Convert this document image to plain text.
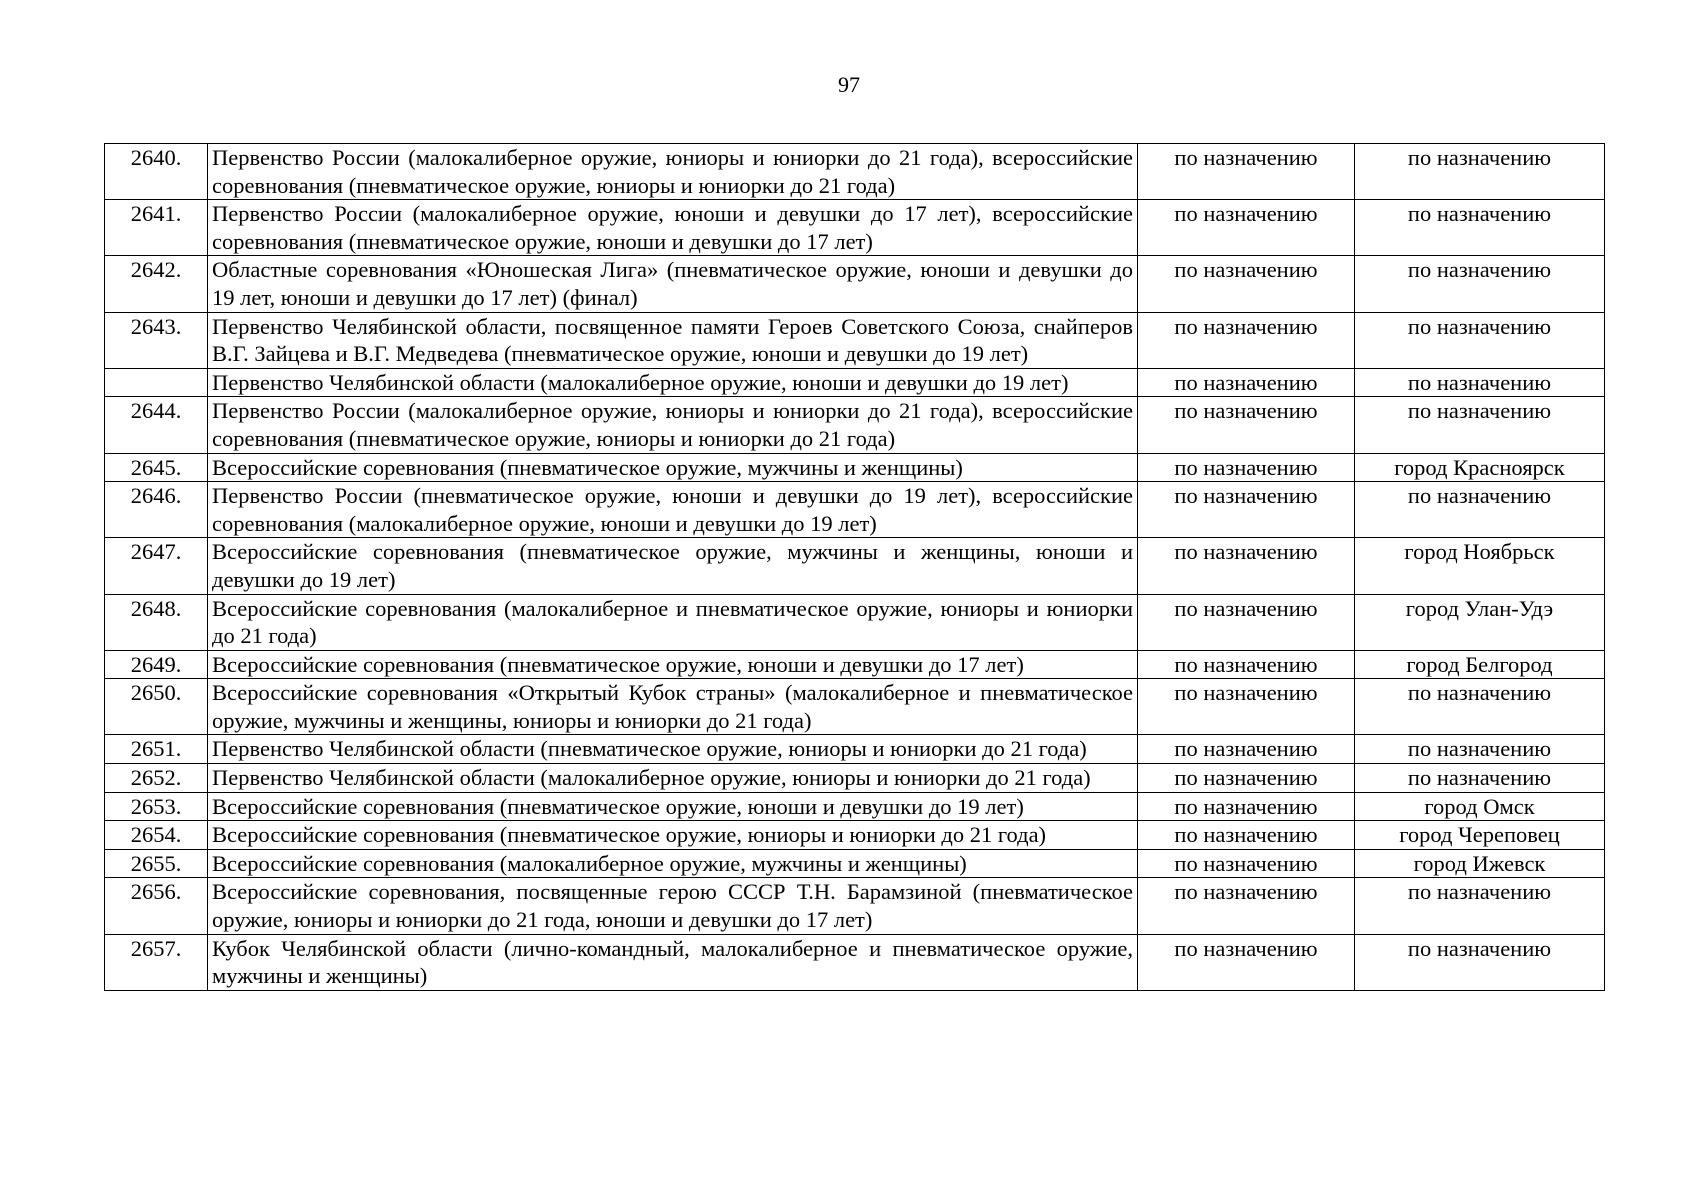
97
2640.	Первенство России (малокалиберное оружие, юниоры и юниорки до 21 года), всероссийские соревнования (пневматическое оружие, юниоры и юниорки до 21 года)	по назначению	по назначению
2641.	Первенство России (малокалиберное оружие, юноши и девушки до 17 лет), всероссийские соревнования (пневматическое оружие, юноши и девушки до 17 лет)	по назначению	по назначению
2642.	Областные соревнования «Юношеская Лига» (пневматическое оружие, юноши и девушки до 19 лет, юноши и девушки до 17 лет) (финал)	по назначению	по назначению
2643.	Первенство Челябинской области, посвященное памяти Героев Советского Союза, снайперов В.Г. Зайцева и В.Г. Медведева (пневматическое оружие, юноши и девушки до 19 лет)	по назначению	по назначению
	Первенство Челябинской области (малокалиберное оружие, юноши и девушки до 19 лет)	по назначению	по назначению
2644.	Первенство России (малокалиберное оружие, юниоры и юниорки до 21 года), всероссийские соревнования (пневматическое оружие, юниоры и юниорки до 21 года)	по назначению	по назначению
2645.	Всероссийские соревнования (пневматическое оружие, мужчины и женщины)	по назначению	город Красноярск
2646.	Первенство России (пневматическое оружие, юноши и девушки до 19 лет), всероссийские соревнования (малокалиберное оружие, юноши и девушки до 19 лет)	по назначению	по назначению
2647.	Всероссийские соревнования (пневматическое оружие, мужчины и женщины, юноши и девушки до 19 лет)	по назначению	город Ноябрьск
2648.	Всероссийские соревнования (малокалиберное и пневматическое оружие, юниоры и юниорки до 21 года)	по назначению	город Улан-Удэ
2649.	Всероссийские соревнования (пневматическое оружие, юноши и девушки до 17 лет)	по назначению	город Белгород
2650.	Всероссийские соревнования «Открытый Кубок страны» (малокалиберное и пневматическое оружие, мужчины и женщины, юниоры и юниорки до 21 года)	по назначению	по назначению
2651.	Первенство Челябинской области (пневматическое оружие, юниоры и юниорки до 21 года)	по назначению	по назначению
2652.	Первенство Челябинской области (малокалиберное оружие, юниоры и юниорки до 21 года)	по назначению	по назначению
2653.	Всероссийские соревнования (пневматическое оружие, юноши и девушки до 19 лет)	по назначению	город Омск
2654.	Всероссийские соревнования (пневматическое оружие, юниоры и юниорки до 21 года)	по назначению	город Череповец
2655.	Всероссийские соревнования (малокалиберное оружие, мужчины и женщины)	по назначению	город Ижевск
2656.	Всероссийские соревнования, посвященные герою СССР Т.Н. Барамзиной (пневматическое оружие, юниоры и юниорки до 21 года, юноши и девушки до 17 лет)	по назначению	по назначению
2657.	Кубок Челябинской области (лично-командный, малокалиберное и пневматическое оружие, мужчины и женщины)	по назначению	по назначению
